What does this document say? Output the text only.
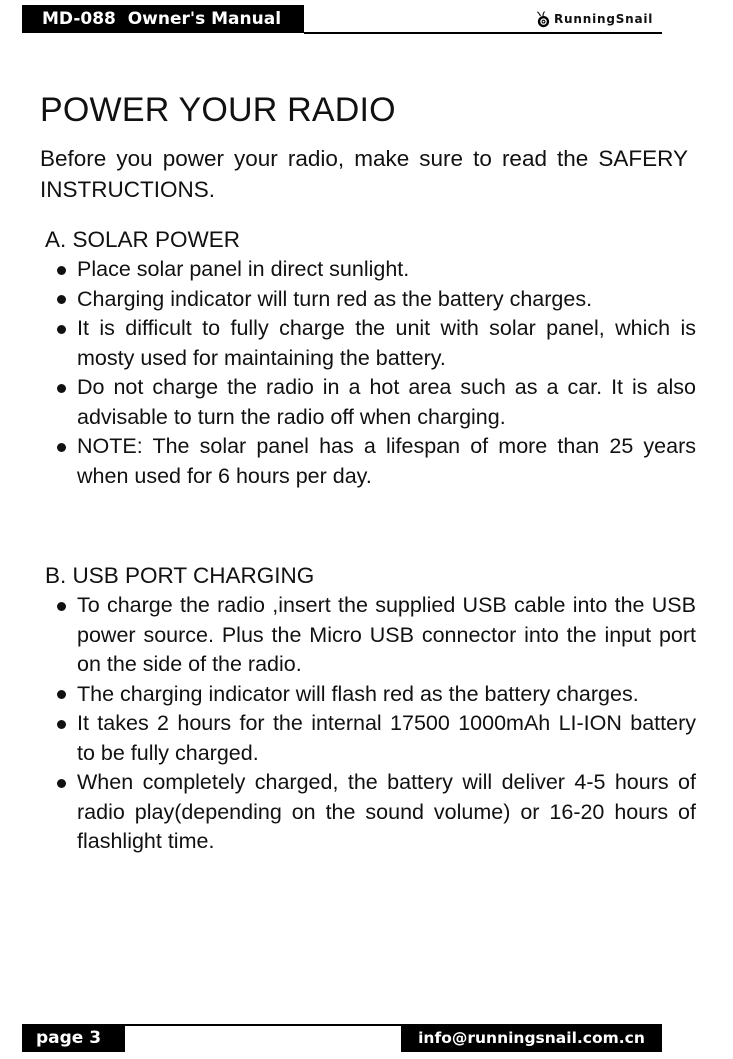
MD-088  Owner's Manual	RunningSnail
POWER YOUR RADIO

Before you power your radio, make sure to read the SAFERY INSTRUCTIONS.

A. SOLAR POWER
Place solar panel in direct sunlight.
Charging indicator will turn red as the battery charges.
It is difficult to fully charge the unit with solar panel, which is mosty used for maintaining the battery.
Do not charge the radio in a hot area such as a car. It is also advisable to turn the radio off when charging.
NOTE: The solar panel has a lifespan of more than 25 years when used for 6 hours per day.
B. USB PORT CHARGING
To charge the radio ,insert the supplied USB cable into the USB power source. Plus the Micro USB connector into the input port on the side of the radio.
The charging indicator will flash red as the battery charges.
It takes 2 hours for the internal 17500 1000mAh LI-ION battery to be fully charged.
When completely charged, the battery will deliver 4-5 hours of radio play(depending on the sound volume) or 16-20 hours of flashlight time.
page 3	info@runningsnail.com.cn
